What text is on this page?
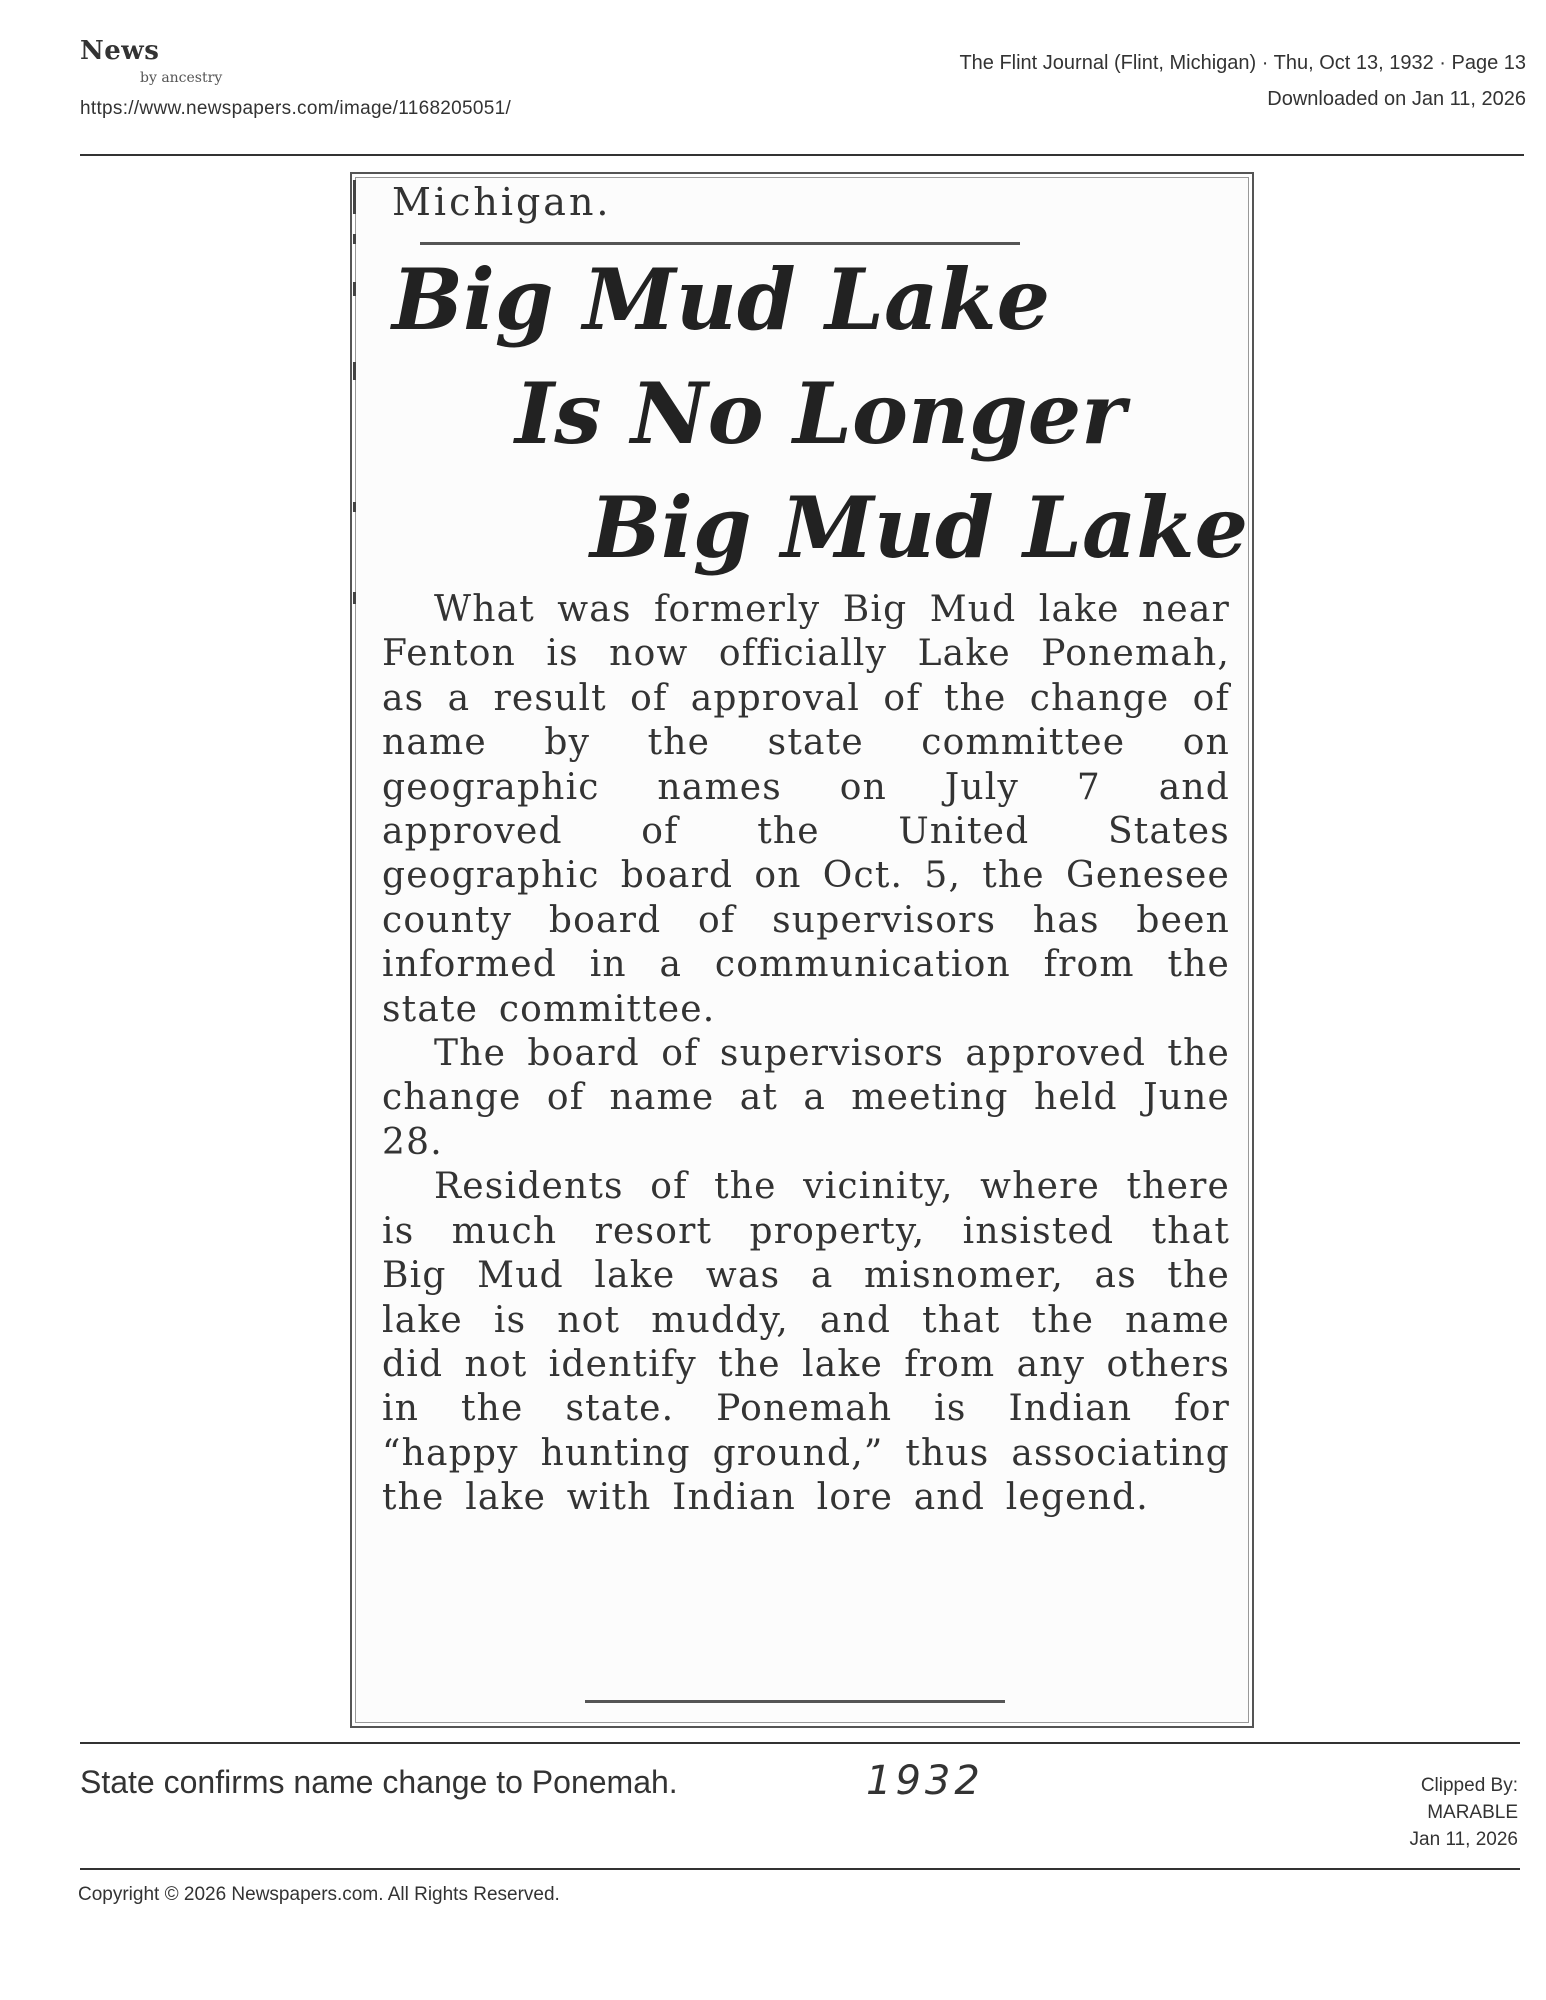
News
by ancestry
https://www.newspapers.com/image/1168205051/
The Flint Journal (Flint, Michigan) · Thu, Oct 13, 1932 · Page 13
Downloaded on Jan 11, 2026
Michigan.
Big Mud Lake
Is No Longer
Big Mud Lake

What was formerly Big Mud lake near Fenton is now officially Lake Ponemah, as a result of approval of the change of name by the state committee on geographic names on July 7 and approved of the United States geographic board on Oct. 5, the Genesee county board of supervisors has been informed in a communication from the state committee.

The board of supervisors approved the change of name at a meeting held June 28.

Residents of the vicinity, where there is much resort property, insisted that Big Mud lake was a misnomer, as the lake is not muddy, and that the name did not identify the lake from any others in the state. Ponemah is Indian for “happy hunting ground,” thus associating the lake with Indian lore and legend.

State confirms name change to Ponemah.	1932	Clipped By:
MARABLE
Jan 11, 2026
Copyright © 2026 Newspapers.com. All Rights Reserved.
